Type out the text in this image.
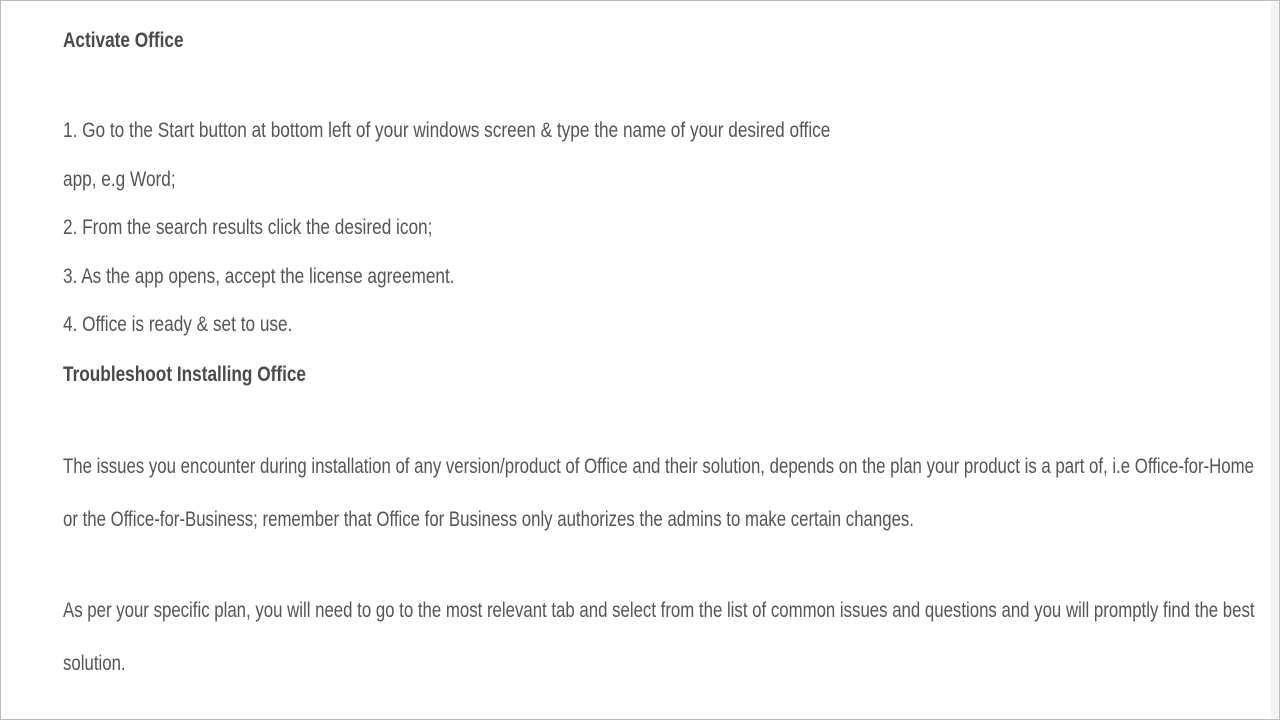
Activate Office
1. Go to the Start button at bottom left of your windows screen & type the name of your desired office
app, e.g Word;
2. From the search results click the desired icon;
3. As the app opens, accept the license agreement.
4. Office is ready & set to use.
Troubleshoot Installing Office
The issues you encounter during installation of any version/product of Office and their solution, depends on the plan your product is a part of, i.e Office-for-Home
or the Office-for-Business; remember that Office for Business only authorizes the admins to make certain changes.
As per your specific plan, you will need to go to the most relevant tab and select from the list of common issues and questions and you will promptly find the best
solution.
